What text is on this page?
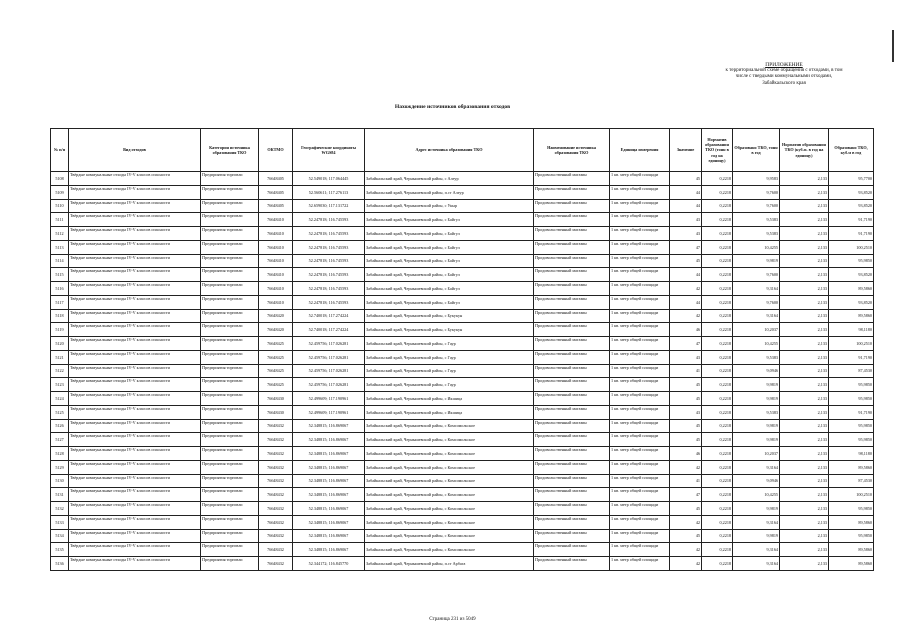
ПРИЛОЖЕНИЕ
к территориальной схеме обращения с отходами, в том
числе с твердыми коммунальными отходами,
Забайкальского края
Нахождение источников образования отходов
№ п/п	Вид отходов	Категория источника образования ТКО	ОКТМО	Географические координаты WGS84	Адрес источника образования ТКО	Наименование источника образования ТКО	Единица измерения	Значение	Норматив образования ТКО (тонн в год на единицу)	Образовано ТКО, тонн в год	Норматив образования ТКО (куб.м. в год на единицу)	Образовано ТКО, куб.м в год
5108	Твёрдые коммунальные отходы IV-V классов опасности	Предприятия торговли	76648405	52.549018; 117.064445	Забайкальский край, Чернышевский район, с Алеур	Продовольственный магазин	1 кв. метр общей площади	45	0,2218	9,9583	2,133	95,7700
5109	Твёрдые коммунальные отходы IV-V классов опасности	Предприятия торговли	76648405	52.560611; 117.276113	Забайкальский край, Чернышевский район, п.ст Алеур	Продовольственный магазин	1 кв. метр общей площади	44	0,2218	9,7600	2,133	93,8520
5110	Твёрдые коммунальные отходы IV-V классов опасности	Предприятия торговли	76648405	52.659030; 117.131722	Забайкальский край, Чернышевский район, с Укыр	Продовольственный магазин	1 кв. метр общей площади	44	0,2218	9,7600	2,133	93,8520
5111	Твёрдые коммунальные отходы IV-V классов опасности	Предприятия торговли	76648410	52.247818; 116.745593	Забайкальский край, Чернышевский район, с Байгул	Продовольственный магазин	1 кв. метр общей площади	43	0,2218	9,5383	2,133	91,7190
5112	Твёрдые коммунальные отходы IV-V классов опасности	Предприятия торговли	76648410	52.247818; 116.745593	Забайкальский край, Чернышевский район, с Байгул	Продовольственный магазин	1 кв. метр общей площади	43	0,2218	9,5383	2,133	91,7190
5113	Твёрдые коммунальные отходы IV-V классов опасности	Предприятия торговли	76648410	52.247818; 116.745593	Забайкальский край, Чернышевский район, с Байгул	Продовольственный магазин	1 кв. метр общей площади	47	0,2218	10,4255	2,133	100,2510
5114	Твёрдые коммунальные отходы IV-V классов опасности	Предприятия торговли	76648410	52.247818; 116.745593	Забайкальский край, Чернышевский район, с Байгул	Продовольственный магазин	1 кв. метр общей площади	45	0,2218	9,9819	2,133	95,9850
5115	Твёрдые коммунальные отходы IV-V классов опасности	Предприятия торговли	76648410	52.247818; 116.745593	Забайкальский край, Чернышевский район, с Байгул	Продовольственный магазин	1 кв. метр общей площади	44	0,2218	9,7600	2,133	93,8520
5116	Твёрдые коммунальные отходы IV-V классов опасности	Предприятия торговли	76648410	52.247818; 116.745593	Забайкальский край, Чернышевский район, с Байгул	Продовольственный магазин	1 кв. метр общей площади	42	0,2218	9,3164	2,133	89,5860
5117	Твёрдые коммунальные отходы IV-V классов опасности	Предприятия торговли	76648410	52.247818; 116.745593	Забайкальский край, Чернышевский район, с Байгул	Продовольственный магазин	1 кв. метр общей площади	44	0,2218	9,7600	2,133	93,8520
5118	Твёрдые коммунальные отходы IV-V классов опасности	Предприятия торговли	76648420	52.740018; 117.274224	Забайкальский край, Чернышевский район, с Букукун	Продовольственный магазин	1 кв. метр общей площади	42	0,2218	9,3164	2,133	89,5860
5119	Твёрдые коммунальные отходы IV-V классов опасности	Предприятия торговли	76648420	52.740018; 117.274224	Забайкальский край, Чернышевский район, с Букукун	Продовольственный магазин	1 кв. метр общей площади	46	0,2218	10,2037	2,133	98,1180
5120	Твёрдые коммунальные отходы IV-V классов опасности	Предприятия торговли	76648425	52.459756; 117.026281	Забайкальский край, Чернышевский район, с Гаур	Продовольственный магазин	1 кв. метр общей площади	47	0,2218	10,4255	2,133	100,2510
5121	Твёрдые коммунальные отходы IV-V классов опасности	Предприятия торговли	76648425	52.459756; 117.026281	Забайкальский край, Чернышевский район, с Гаур	Продовольственный магазин	1 кв. метр общей площади	43	0,2218	9,5383	2,133	91,7190
5122	Твёрдые коммунальные отходы IV-V классов опасности	Предприятия торговли	76648425	52.459756; 117.026281	Забайкальский край, Чернышевский район, с Гаур	Продовольственный магазин	1 кв. метр общей площади	41	0,2218	9,0946	2,133	87,4530
5123	Твёрдые коммунальные отходы IV-V классов опасности	Предприятия торговли	76648425	52.459756; 117.026281	Забайкальский край, Чернышевский район, с Гаур	Продовольственный магазин	1 кв. метр общей площади	45	0,2218	9,9819	2,133	95,9850
5124	Твёрдые коммунальные отходы IV-V классов опасности	Предприятия торговли	76648430	52.499609; 117.190961	Забайкальский край, Чернышевский район, с Икшица	Продовольственный магазин	1 кв. метр общей площади	45	0,2218	9,9819	2,133	95,9850
5125	Твёрдые коммунальные отходы IV-V классов опасности	Предприятия торговли	76648430	52.499609; 117.190961	Забайкальский край, Чернышевский район, с Икшица	Продовольственный магазин	1 кв. метр общей площади	43	0,2218	9,5383	2,133	91,7190
5126	Твёрдые коммунальные отходы IV-V классов опасности	Предприятия торговли	76648432	52.348815; 116.869067	Забайкальский край, Чернышевский район, с Комсомольское	Продовольственный магазин	1 кв. метр общей площади	45	0,2218	9,9819	2,133	95,9850
5127	Твёрдые коммунальные отходы IV-V классов опасности	Предприятия торговли	76648432	52.348815; 116.869067	Забайкальский край, Чернышевский район, с Комсомольское	Продовольственный магазин	1 кв. метр общей площади	45	0,2218	9,9819	2,133	95,9850
5128	Твёрдые коммунальные отходы IV-V классов опасности	Предприятия торговли	76648432	52.348815; 116.869067	Забайкальский край, Чернышевский район, с Комсомольское	Продовольственный магазин	1 кв. метр общей площади	46	0,2218	10,2037	2,133	98,1180
5129	Твёрдые коммунальные отходы IV-V классов опасности	Предприятия торговли	76648432	52.348815; 116.869067	Забайкальский край, Чернышевский район, с Комсомольское	Продовольственный магазин	1 кв. метр общей площади	42	0,2218	9,3164	2,133	89,5860
5130	Твёрдые коммунальные отходы IV-V классов опасности	Предприятия торговли	76648432	52.348815; 116.869067	Забайкальский край, Чернышевский район, с Комсомольское	Продовольственный магазин	1 кв. метр общей площади	41	0,2218	9,0946	2,133	87,4530
5131	Твёрдые коммунальные отходы IV-V классов опасности	Предприятия торговли	76648432	52.348815; 116.869067	Забайкальский край, Чернышевский район, с Комсомольское	Продовольственный магазин	1 кв. метр общей площади	47	0,2218	10,4255	2,133	100,2510
5132	Твёрдые коммунальные отходы IV-V классов опасности	Предприятия торговли	76648432	52.348815; 116.869067	Забайкальский край, Чернышевский район, с Комсомольское	Продовольственный магазин	1 кв. метр общей площади	45	0,2218	9,9819	2,133	95,9850
5133	Твёрдые коммунальные отходы IV-V классов опасности	Предприятия торговли	76648432	52.348815; 116.869067	Забайкальский край, Чернышевский район, с Комсомольское	Продовольственный магазин	1 кв. метр общей площади	42	0,2218	9,3164	2,133	89,5860
5134	Твёрдые коммунальные отходы IV-V классов опасности	Предприятия торговли	76648432	52.348815; 116.869067	Забайкальский край, Чернышевский район, с Комсомольское	Продовольственный магазин	1 кв. метр общей площади	45	0,2218	9,9819	2,133	95,9850
5135	Твёрдые коммунальные отходы IV-V классов опасности	Предприятия торговли	76648432	52.348815; 116.869067	Забайкальский край, Чернышевский район, с Комсомольское	Продовольственный магазин	1 кв. метр общей площади	42	0,2218	9,3164	2,133	89,5860
5136	Твёрдые коммунальные отходы IV-V классов опасности	Предприятия торговли	76648432	52.344172; 116.845770	Забайкальский край, Чернышевский район, п.ст Арбага	Продовольственный магазин	1 кв. метр общей площади	42	0,2218	9,3164	2,133	89,5860
Страница 231 из 5049
